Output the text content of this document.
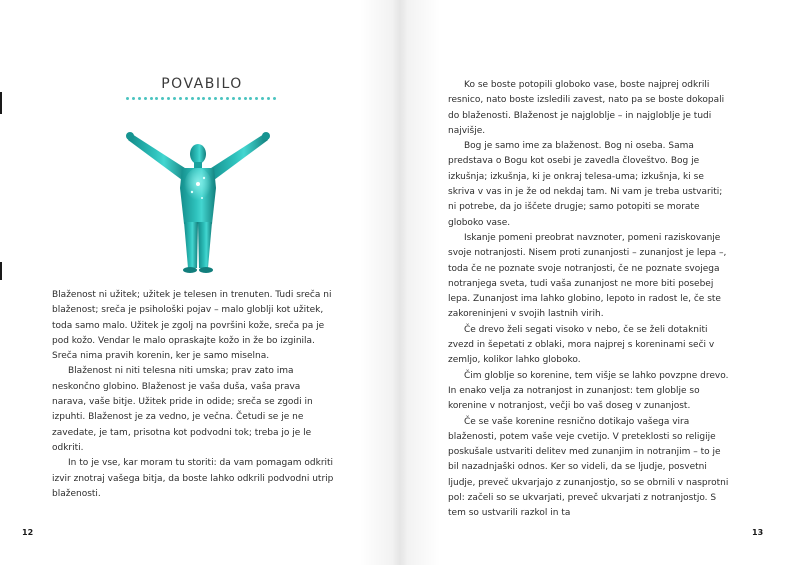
POVABILO

Blaženost ni užitek; užitek je telesen in trenuten. Tudi sreča ni blaženost; sreča je psihološki pojav – malo globlji kot užitek, toda samo malo. Užitek je zgolj na površini kože, sreča pa je pod kožo. Vendar le malo opraskajte kožo in že bo izginila. Sreča nima pravih korenin, ker je samo miselna.

Blaženost ni niti telesna niti umska; prav zato ima neskončno globino. Blaženost je vaša duša, vaša prava narava, vaše bitje. Užitek pride in odide; sreča se zgodi in izpuhti. Blaženost je za vedno, je večna. Četudi se je ne zavedate, je tam, prisotna kot podvodni tok; treba jo je le odkriti.

In to je vse, kar moram tu storiti: da vam pomagam odkriti izvir znotraj vašega bitja, da boste lahko odkrili podvodni utrip blaženosti.

12

Ko se boste potopili globoko vase, boste najprej odkrili resnico, nato boste izsledili zavest, nato pa se boste dokopali do blaženosti. Blaženost je najgloblje – in najgloblje je tudi najvišje.

Bog je samo ime za blaženost. Bog ni oseba. Sama predstava o Bogu kot osebi je zavedla človeštvo. Bog je izkušnja; izkušnja, ki je onkraj telesa-uma; izkušnja, ki se skriva v vas in je že od nekdaj tam. Ni vam je treba ustvariti; ni potrebe, da jo iščete drugje; samo potopiti se morate globoko vase.

Iskanje pomeni preobrat navznoter, pomeni raziskovanje svoje notranjosti. Nisem proti zunanjosti – zunanjost je lepa –, toda če ne poznate svoje notranjosti, če ne poznate svojega notranjega sveta, tudi vaša zunanjost ne more biti posebej lepa. Zunanjost ima lahko globino, lepoto in radost le, če ste zakoreninjeni v svojih lastnih virih.

Če drevo želi segati visoko v nebo, če se želi dotakniti zvezd in šepetati z oblaki, mora najprej s koreninami seči v zemljo, kolikor lahko globoko.

Čim globlje so korenine, tem višje se lahko povzpne drevo. In enako velja za notranjost in zunanjost: tem globlje so korenine v notranjost, večji bo vaš doseg v zunanjost.

Če se vaše korenine resnično dotikajo vašega vira blaženosti, potem vaše veje cvetijo. V preteklosti so religije poskušale ustvariti delitev med zunanjim in notranjim – to je bil nazadnjaški odnos. Ker so videli, da se ljudje, posvetni ljudje, preveč ukvarjajo z zunanjostjo, so se obrnili v nasprotni pol: začeli so se ukvarjati, preveč ukvarjati z notranjostjo. S tem so ustvarili razkol in ta

13
